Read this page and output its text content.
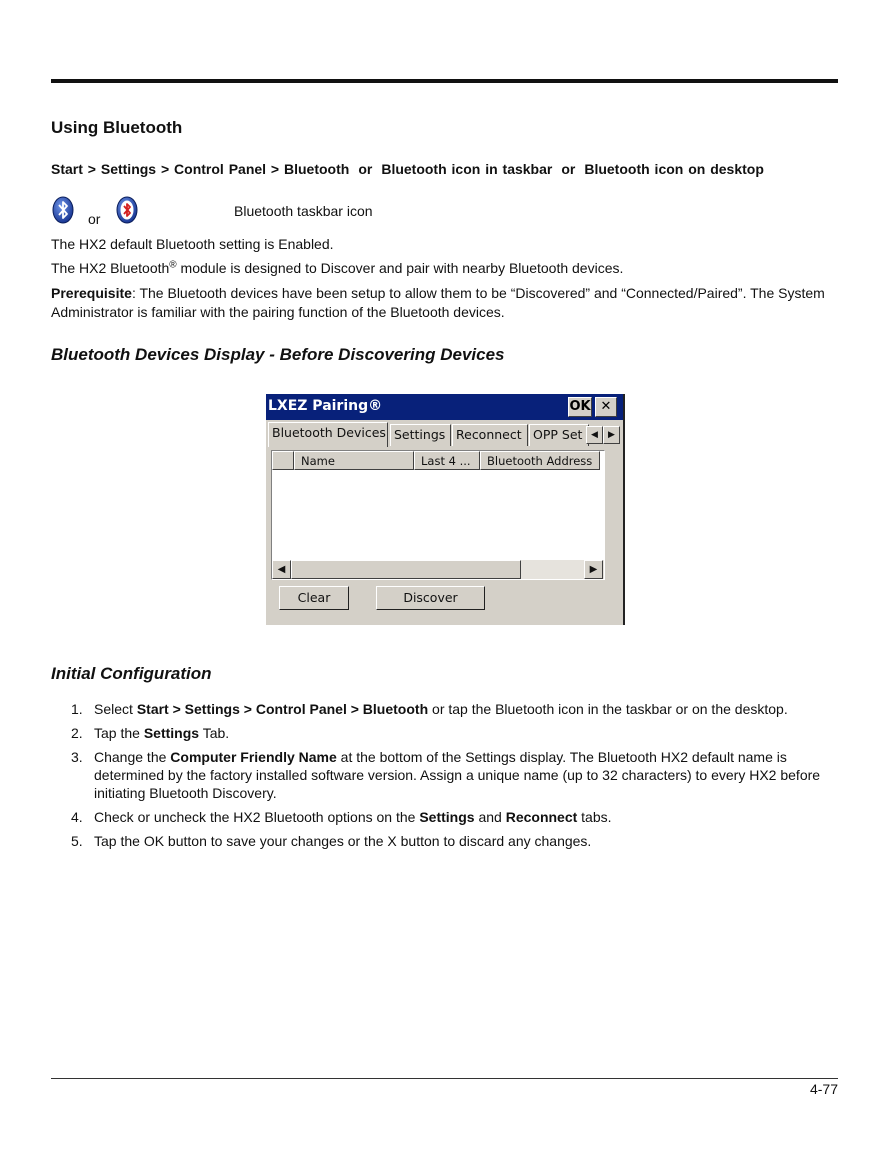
Using Bluetooth
Start > Settings > Control Panel > Bluetooth or Bluetooth icon in taskbar or Bluetooth icon on desktop
or	Bluetooth taskbar icon
The HX2 default Bluetooth setting is Enabled.
The HX2 Bluetooth® module is designed to Discover and pair with nearby Bluetooth devices.
Prerequisite: The Bluetooth devices have been setup to allow them to be “Discovered” and “Connected/Paired”. The System
Administrator is familiar with the pairing function of the Bluetooth devices.
Bluetooth Devices Display - Before Discovering Devices
LXEZ Pairing®	OK ✕
Bluetooth Devices Settings Reconnect OPP Set ◀	▶
Name	Last 4 ...	Bluetooth Address
◀	▶
Clear	Discover
Initial Configuration
1. Select Start > Settings > Control Panel > Bluetooth or tap the Bluetooth icon in the taskbar or on the desktop.
2. Tap the Settings Tab.
3. Change the Computer Friendly Name at the bottom of the Settings display. The Bluetooth HX2 default name is determined by the factory installed software version. Assign a unique name (up to 32 characters) to every HX2 before initiating Bluetooth Discovery.
4. Check or uncheck the HX2 Bluetooth options on the Settings and Reconnect tabs.
5. Tap the OK button to save your changes or the X button to discard any changes.
4-77
